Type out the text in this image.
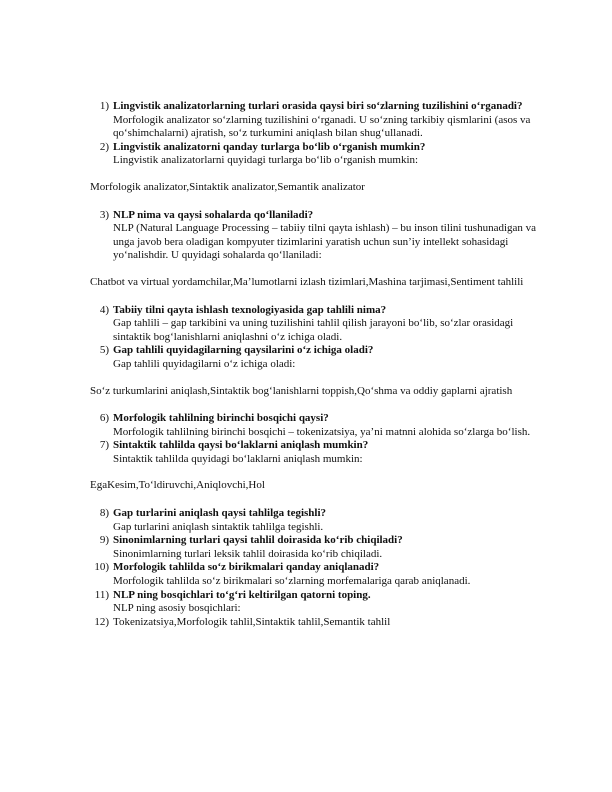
1) Lingvistik analizatorlarning turlari orasida qaysi biri so‘zlarning tuzilishini o‘rganadi?
Morfologik analizator so‘zlarning tuzilishini o‘rganadi. U so‘zning tarkibiy qismlarini (asos va qo‘shimchalarni) ajratish, so‘z turkumini aniqlash bilan shug‘ullanadi.
2) Lingvistik analizatorni qanday turlarga bo‘lib o‘rganish mumkin?
Lingvistik analizatorlarni quyidagi turlarga bo‘lib o‘rganish mumkin:
Morfologik analizator,Sintaktik analizator,Semantik analizator
3) NLP nima va qaysi sohalarda qo‘llaniladi?
NLP (Natural Language Processing – tabiiy tilni qayta ishlash) – bu inson tilini tushunadigan va unga javob bera oladigan kompyuter tizimlarini yaratish uchun sun’iy intellekt sohasidagi yo‘nalishdir. U quyidagi sohalarda qo‘llaniladi:
Chatbot va virtual yordamchilar,Ma’lumotlarni izlash tizimlari,Mashina tarjimasi,Sentiment tahlili
4) Tabiiy tilni qayta ishlash texnologiyasida gap tahlili nima?
Gap tahlili – gap tarkibini va uning tuzilishini tahlil qilish jarayoni bo‘lib, so‘zlar orasidagi sintaktik bog‘lanishlarni aniqlashni o‘z ichiga oladi.
5) Gap tahlili quyidagilarning qaysilarini o‘z ichiga oladi?
Gap tahlili quyidagilarni o‘z ichiga oladi:
So‘z turkumlarini aniqlash,Sintaktik bog‘lanishlarni toppish,Qo‘shma va oddiy gaplarni ajratish
6) Morfologik tahlilning birinchi bosqichi qaysi?
Morfologik tahlilning birinchi bosqichi – tokenizatsiya, ya’ni matnni alohida so‘zlarga bo‘lish.
7) Sintaktik tahlilda qaysi bo‘laklarni aniqlash mumkin?
Sintaktik tahlilda quyidagi bo‘laklarni aniqlash mumkin:
EgaKesim,To‘ldiruvchi,Aniqlovchi,Hol
8) Gap turlarini aniqlash qaysi tahlilga tegishli?
Gap turlarini aniqlash sintaktik tahlilga tegishli.
9) Sinonimlarning turlari qaysi tahlil doirasida ko‘rib chiqiladi?
Sinonimlarning turlari leksik tahlil doirasida ko‘rib chiqiladi.
10) Morfologik tahlilda so‘z birikmalari qanday aniqlanadi?
Morfologik tahlilda so‘z birikmalari so‘zlarning morfemalariga qarab aniqlanadi.
11) NLP ning bosqichlari to‘g‘ri keltirilgan qatorni toping.
NLP ning asosiy bosqichlari:
12) Tokenizatsiya,Morfologik tahlil,Sintaktik tahlil,Semantik tahlil
